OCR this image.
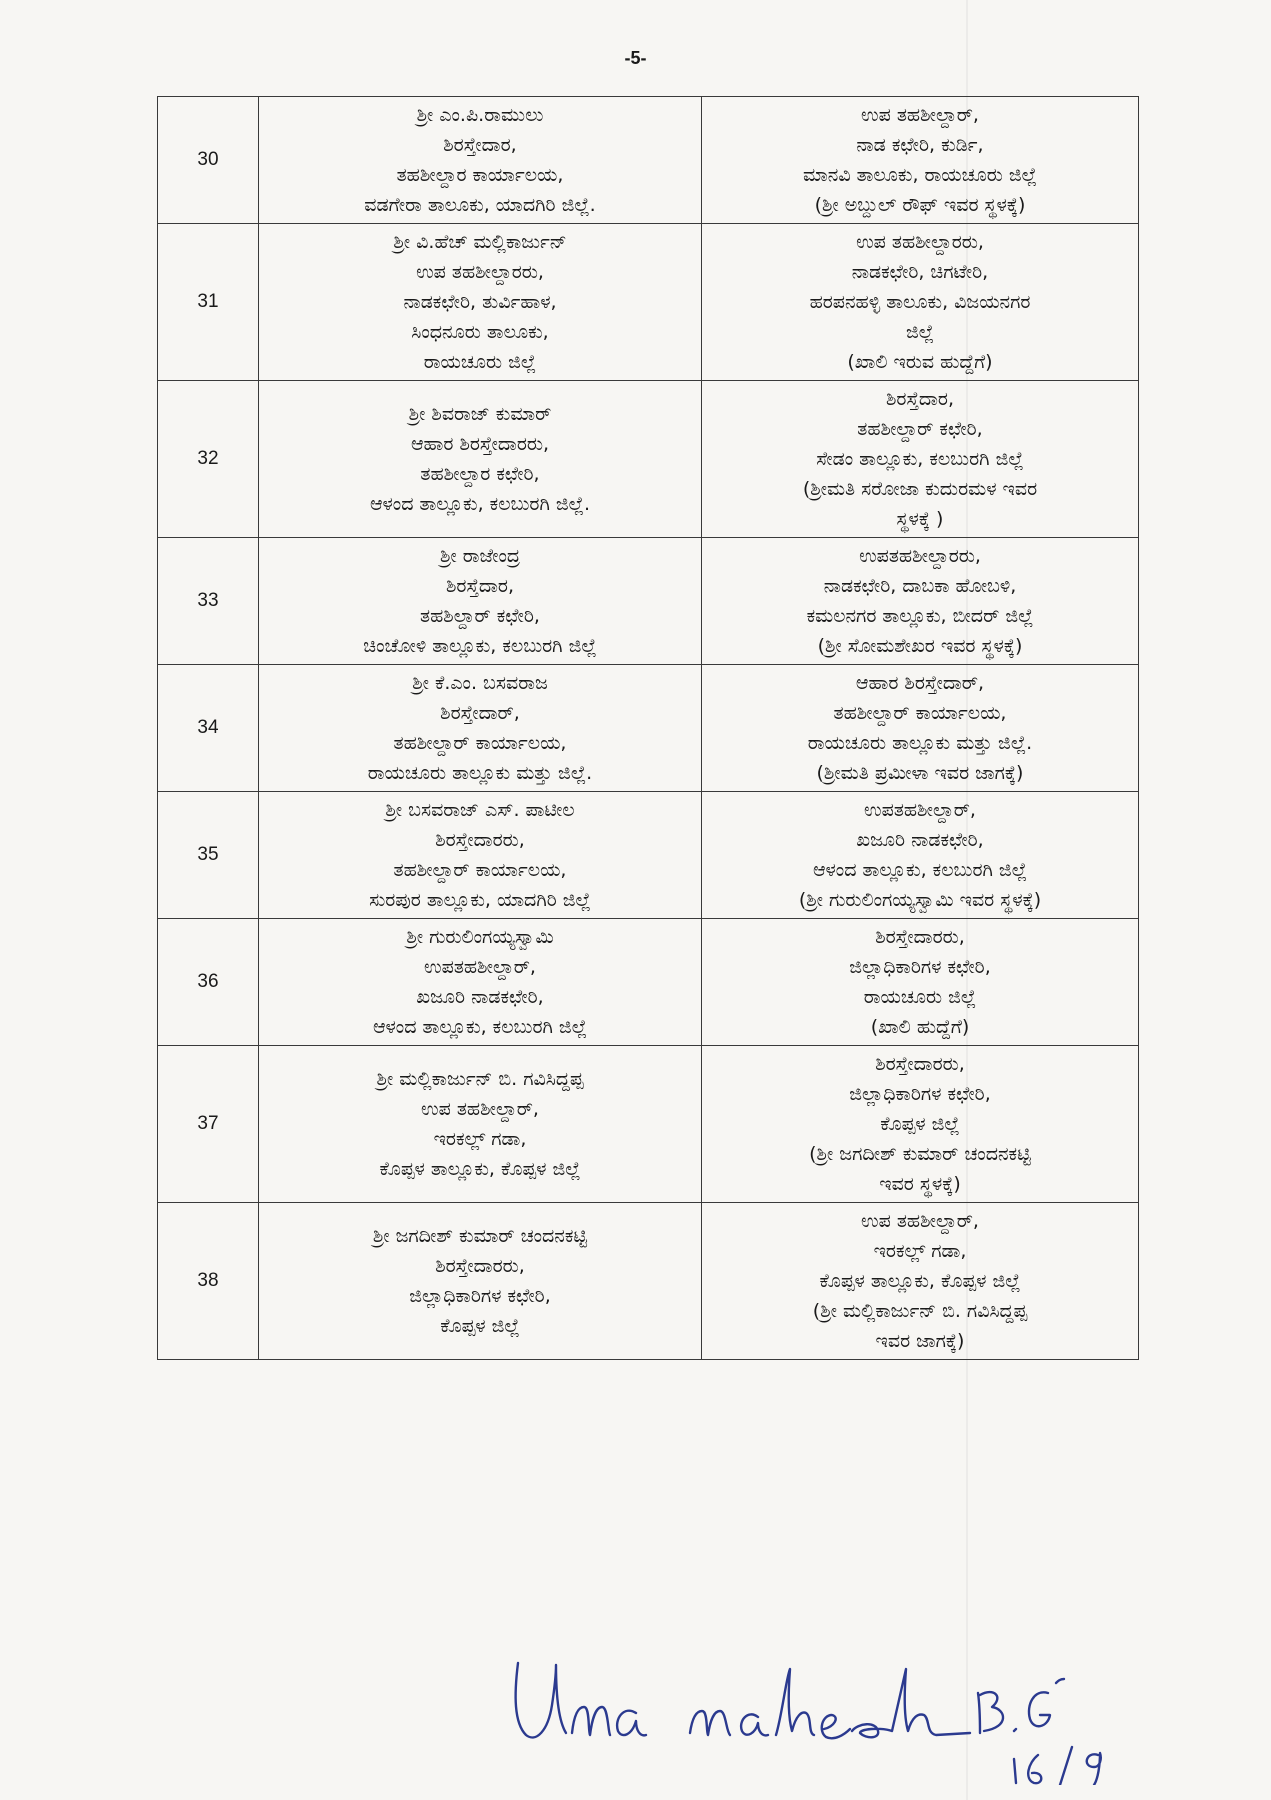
-5-
30	ಶ್ರೀ ಎಂ.ಪಿ.ರಾಮುಲು
ಶಿರಸ್ತೇದಾರ,
ತಹಶೀಲ್ದಾರ ಕಾರ್ಯಾಲಯ,
ವಡಗೇರಾ ತಾಲೂಕು, ಯಾದಗಿರಿ ಜಿಲ್ಲೆ.	ಉಪ ತಹಶೀಲ್ದಾರ್,
ನಾಡ ಕಛೇರಿ, ಕುರ್ಡಿ,
ಮಾನವಿ ತಾಲೂಕು, ರಾಯಚೂರು ಜಿಲ್ಲೆ
(ಶ್ರೀ ಅಬ್ದುಲ್ ರೌಫ್ ಇವರ ಸ್ಥಳಕ್ಕೆ)

31	ಶ್ರೀ ವಿ.ಹೆಚ್ ಮಲ್ಲಿಕಾರ್ಜುನ್
ಉಪ ತಹಶೀಲ್ದಾರರು,
ನಾಡಕಛೇರಿ, ತುರ್ವಿಹಾಳ,
ಸಿಂಧನೂರು ತಾಲೂಕು,
ರಾಯಚೂರು ಜಿಲ್ಲೆ	ಉಪ ತಹಶೀಲ್ದಾರರು,
ನಾಡಕಛೇರಿ, ಚಿಗಟೇರಿ,
ಹರಪನಹಳ್ಳಿ ತಾಲೂಕು, ವಿಜಯನಗರ
ಜಿಲ್ಲೆ
(ಖಾಲಿ ಇರುವ ಹುದ್ದೆಗೆ)

32	ಶ್ರೀ ಶಿವರಾಜ್ ಕುಮಾರ್
ಆಹಾರ ಶಿರಸ್ತೇದಾರರು,
ತಹಶೀಲ್ದಾರ ಕಛೇರಿ,
ಆಳಂದ ತಾಲ್ಲೂಕು, ಕಲಬುರಗಿ ಜಿಲ್ಲೆ.	ಶಿರಸ್ತೆದಾರ,
ತಹಶೀಲ್ದಾರ್ ಕಛೇರಿ,
ಸೇಡಂ ತಾಲ್ಲೂಕು, ಕಲಬುರಗಿ ಜಿಲ್ಲೆ
(ಶ್ರೀಮತಿ ಸರೋಜಾ ಕುದುರಮಳ ಇವರ
ಸ್ಥಳಕ್ಕೆ )

33	ಶ್ರೀ ರಾಜೇಂದ್ರ
ಶಿರಸ್ತೆದಾರ,
ತಹಶಿಲ್ದಾರ್ ಕಛೇರಿ,
ಚಿಂಚೋಳಿ ತಾಲ್ಲೂಕು, ಕಲಬುರಗಿ ಜಿಲ್ಲೆ	ಉಪತಹಶೀಲ್ದಾರರು,
ನಾಡಕಛೇರಿ, ದಾಬಕಾ ಹೋಬಳಿ,
ಕಮಲನಗರ ತಾಲ್ಲೂಕು, ಬೀದರ್ ಜಿಲ್ಲೆ
(ಶ್ರೀ ಸೋಮಶೇಖರ ಇವರ ಸ್ಥಳಕ್ಕೆ)

34	ಶ್ರೀ ಕೆ.ಎಂ. ಬಸವರಾಜ
ಶಿರಸ್ತೇದಾರ್,
ತಹಶೀಲ್ದಾರ್ ಕಾರ್ಯಾಲಯ,
ರಾಯಚೂರು ತಾಲ್ಲೂಕು ಮತ್ತು ಜಿಲ್ಲೆ.	ಆಹಾರ ಶಿರಸ್ತೇದಾರ್,
ತಹಶೀಲ್ದಾರ್ ಕಾರ್ಯಾಲಯ,
ರಾಯಚೂರು ತಾಲ್ಲೂಕು ಮತ್ತು ಜಿಲ್ಲೆ.
(ಶ್ರೀಮತಿ ಪ್ರಮೀಳಾ ಇವರ ಜಾಗಕ್ಕೆ)

35	ಶ್ರೀ ಬಸವರಾಜ್ ಎಸ್. ಪಾಟೀಲ
ಶಿರಸ್ತೇದಾರರು,
ತಹಶೀಲ್ದಾರ್ ಕಾರ್ಯಾಲಯ,
ಸುರಪುರ ತಾಲ್ಲೂಕು, ಯಾದಗಿರಿ ಜಿಲ್ಲೆ	ಉಪತಹಶೀಲ್ದಾರ್,
ಖಜೂರಿ ನಾಡಕಛೇರಿ,
ಆಳಂದ ತಾಲ್ಲೂಕು, ಕಲಬುರಗಿ ಜಿಲ್ಲೆ
(ಶ್ರೀ ಗುರುಲಿಂಗಯ್ಯಸ್ವಾಮಿ ಇವರ ಸ್ಥಳಕ್ಕೆ)

36	ಶ್ರೀ ಗುರುಲಿಂಗಯ್ಯಸ್ವಾಮಿ
ಉಪತಹಶೀಲ್ದಾರ್,
ಖಜೂರಿ ನಾಡಕಛೇರಿ,
ಆಳಂದ ತಾಲ್ಲೂಕು, ಕಲಬುರಗಿ ಜಿಲ್ಲೆ	ಶಿರಸ್ತೇದಾರರು,
ಜಿಲ್ಲಾಧಿಕಾರಿಗಳ ಕಛೇರಿ,
ರಾಯಚೂರು ಜಿಲ್ಲೆ
(ಖಾಲಿ ಹುದ್ದೆಗೆ)

37	ಶ್ರೀ ಮಲ್ಲಿಕಾರ್ಜುನ್ ಬಿ. ಗವಿಸಿದ್ದಪ್ಪ
ಉಪ ತಹಶೀಲ್ದಾರ್,
ಇರಕಲ್ಲ್ ಗಡಾ,
ಕೊಪ್ಪಳ ತಾಲ್ಲೂಕು, ಕೊಪ್ಪಳ ಜಿಲ್ಲೆ	ಶಿರಸ್ತೇದಾರರು,
ಜಿಲ್ಲಾಧಿಕಾರಿಗಳ ಕಛೇರಿ,
ಕೊಪ್ಪಳ ಜಿಲ್ಲೆ
(ಶ್ರೀ ಜಗದೀಶ್ ಕುಮಾರ್ ಚಂದನಕಟ್ಟಿ
ಇವರ ಸ್ಥಳಕ್ಕೆ)

38	ಶ್ರೀ ಜಗದೀಶ್ ಕುಮಾರ್ ಚಂದನಕಟ್ಟಿ
ಶಿರಸ್ತೇದಾರರು,
ಜಿಲ್ಲಾಧಿಕಾರಿಗಳ ಕಛೇರಿ,
ಕೊಪ್ಪಳ ಜಿಲ್ಲೆ	ಉಪ ತಹಶೀಲ್ದಾರ್,
ಇರಕಲ್ಲ್ ಗಡಾ,
ಕೊಪ್ಪಳ ತಾಲ್ಲೂಕು, ಕೊಪ್ಪಳ ಜಿಲ್ಲೆ
(ಶ್ರೀ ಮಲ್ಲಿಕಾರ್ಜುನ್ ಬಿ. ಗವಿಸಿದ್ದಪ್ಪ
ಇವರ ಜಾಗಕ್ಕೆ)
